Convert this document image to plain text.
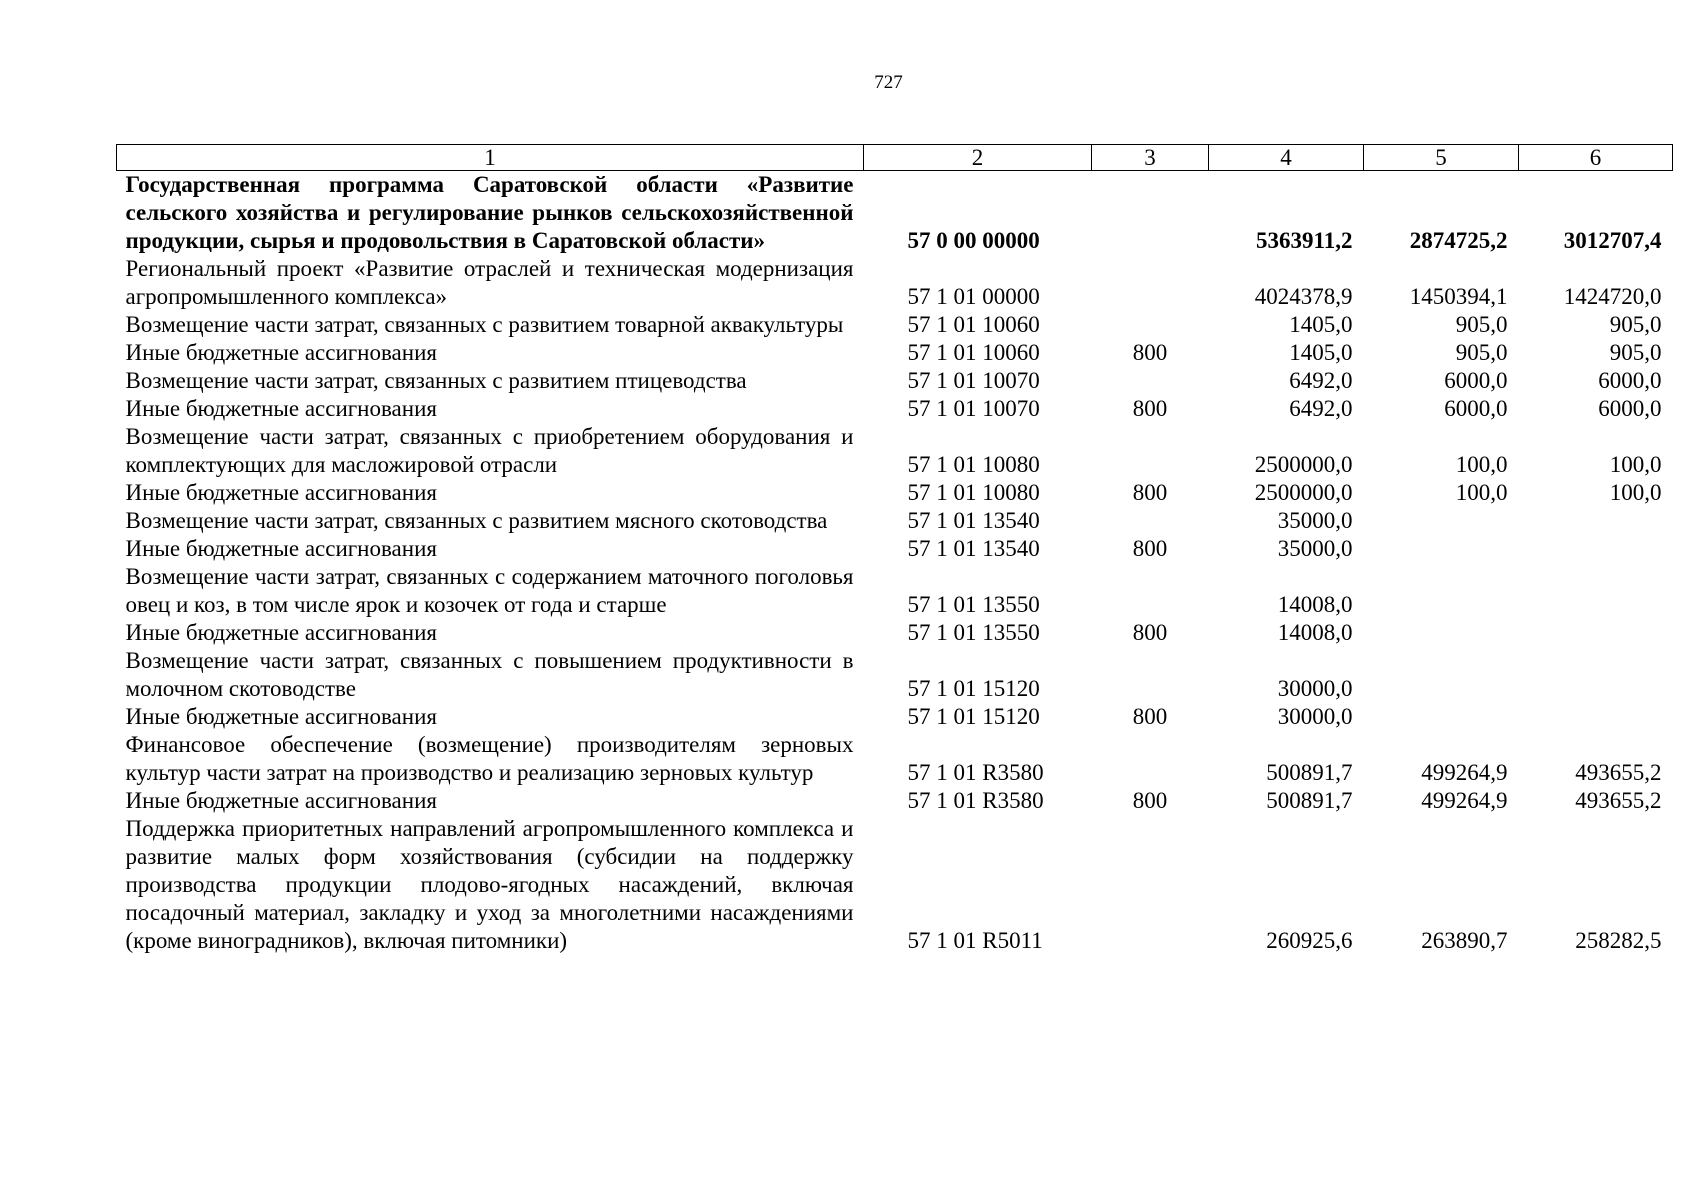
727
1	2	3	4	5	6
Государственная программа Саратовской области «Развитие сельского хозяйства и регулирование рынков сельскохозяйственной продукции, сырья и продовольствия в Саратовской области»	57 0 00 00000		5363911,2	2874725,2	3012707,4
Региональный проект «Развитие отраслей и техническая модернизация агропромышленного комплекса»	57 1 01 00000		4024378,9	1450394,1	1424720,0
Возмещение части затрат, связанных с развитием товарной аквакультуры	57 1 01 10060		1405,0	905,0	905,0
Иные бюджетные ассигнования	57 1 01 10060	800	1405,0	905,0	905,0
Возмещение части затрат, связанных с развитием птицеводства	57 1 01 10070		6492,0	6000,0	6000,0
Иные бюджетные ассигнования	57 1 01 10070	800	6492,0	6000,0	6000,0
Возмещение части затрат, связанных с приобретением оборудования и комплектующих для масложировой отрасли	57 1 01 10080		2500000,0	100,0	100,0
Иные бюджетные ассигнования	57 1 01 10080	800	2500000,0	100,0	100,0
Возмещение части затрат, связанных с развитием мясного скотоводства	57 1 01 13540		35000,0		
Иные бюджетные ассигнования	57 1 01 13540	800	35000,0		
Возмещение части затрат, связанных с содержанием маточного поголовья овец и коз, в том числе ярок и козочек от года и старше	57 1 01 13550		14008,0		
Иные бюджетные ассигнования	57 1 01 13550	800	14008,0		
Возмещение части затрат, связанных с повышением продуктивности в молочном скотоводстве	57 1 01 15120		30000,0		
Иные бюджетные ассигнования	57 1 01 15120	800	30000,0		
Финансовое обеспечение (возмещение) производителям зерновых культур части затрат на производство и реализацию зерновых культур	57 1 01 R3580		500891,7	499264,9	493655,2
Иные бюджетные ассигнования	57 1 01 R3580	800	500891,7	499264,9	493655,2
Поддержка приоритетных направлений агропромышленного комплекса и развитие малых форм хозяйствования (субсидии на поддержку производства продукции плодово-ягодных насаждений, включая посадочный материал, закладку и уход за многолетними насаждениями (кроме виноградников), включая питомники)	57 1 01 R5011		260925,6	263890,7	258282,5
